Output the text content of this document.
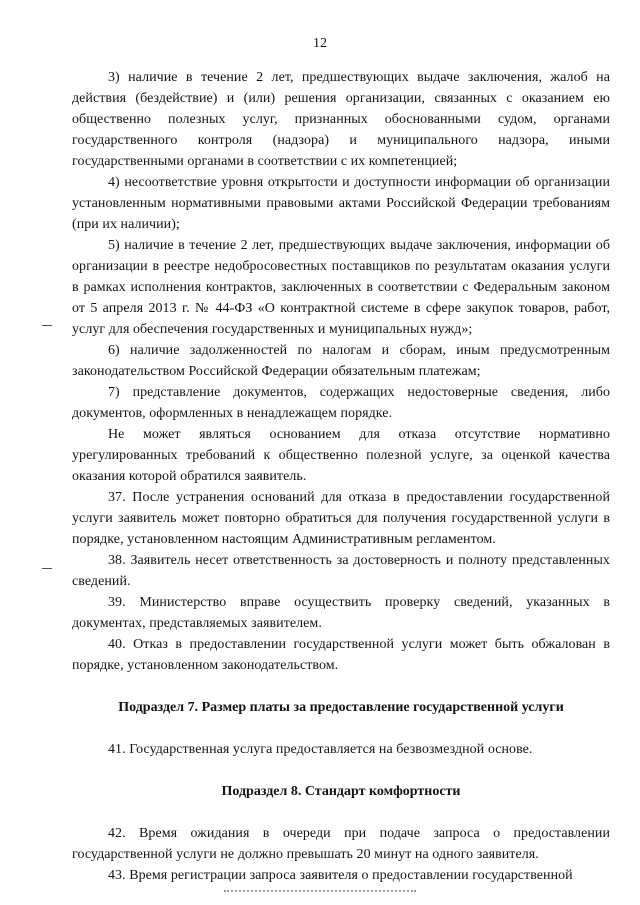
12

3) наличие в течение 2 лет, предшествующих выдаче заключения, жалоб на действия (бездействие) и (или) решения организации, связанных с оказанием ею общественно полезных услуг, признанных обоснованными судом, органами государственного контроля (надзора) и муниципального надзора, иными государственными органами в соответствии с их компетенцией;

4) несоответствие уровня открытости и доступности информации об организации установленным нормативными правовыми актами Российской Федерации требованиям (при их наличии);

5) наличие в течение 2 лет, предшествующих выдаче заключения, информации об организации в реестре недобросовестных поставщиков по результатам оказания услуги в рамках исполнения контрактов, заключенных в соответствии с Федеральным законом от 5 апреля 2013 г. № 44-ФЗ «О контрактной системе в сфере закупок товаров, работ, услуг для обеспечения государственных и муниципальных нужд»;

6) наличие задолженностей по налогам и сборам, иным предусмотренным законодательством Российской Федерации обязательным платежам;

7) представление документов, содержащих недостоверные сведения, либо документов, оформленных в ненадлежащем порядке.

Не может являться основанием для отказа отсутствие нормативно урегулированных требований к общественно полезной услуге, за оценкой качества оказания которой обратился заявитель.

37. После устранения оснований для отказа в предоставлении государственной услуги заявитель может повторно обратиться для получения государственной услуги в порядке, установленном настоящим Административным регламентом.

38. Заявитель несет ответственность за достоверность и полноту представленных сведений.

39. Министерство вправе осуществить проверку сведений, указанных в документах, представляемых заявителем.

40. Отказ в предоставлении государственной услуги может быть обжалован в порядке, установленном законодательством.

Подраздел 7. Размер платы за предоставление государственной услуги

41. Государственная услуга предоставляется на безвозмездной основе.

Подраздел 8. Стандарт комфортности

42. Время ожидания в очереди при подаче запроса о предоставлении государственной услуги не должно превышать 20 минут на одного заявителя.

43. Время регистрации запроса заявителя о предоставлении государственной
